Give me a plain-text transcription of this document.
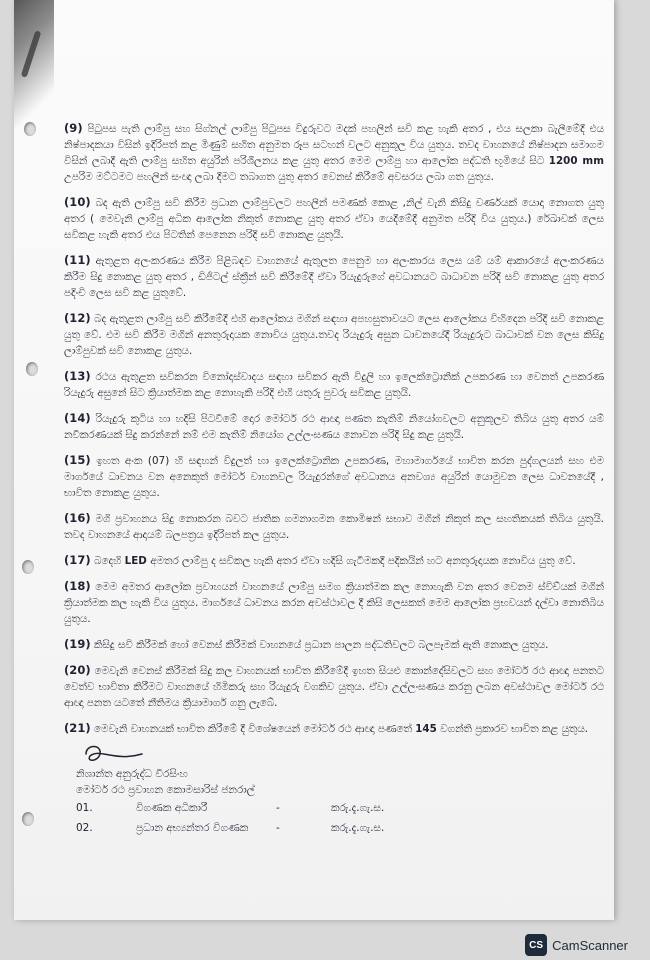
(9) පිටුපස පැති ලාම්පු සහ සිග්නල් ලාම්පු පිටුපස විදුරුවට මදක් පහලින් සවි කළ හැකි අතර , එය සලකා බැලීමේදී එය නිෂ්පාදකයා විසින් ඉදිරිපත් කළ මිණුම් සහිත අනුමත රූප සටහන් වලට අනුකූල විය යුතුය. තවද වාහනයේ නිෂ්පාදන සමාගම විසින් ලබාදී ඇති ලාම්පු සහිත අයුරින් පරිශීලනය කළ යුතු අතර මෙම ලාම්පු හා ආලෝක පද්ධති භූමියේ සිට 1200 mm උපරිම මට්ටමට පහලින් සංඥා ලබා දීමට තබාගත යුතු අතර වෙනස් කිරීමේ අවසරය ලබා ගත යුතුය.

(10) බද ඇති ලාම්පු සවි කිරීම ප්‍රධාන ලාම්පුවලට පහලින් පමණක් කොළ ,නිල් වැනි කිසිදු වර්ණයක් යොදා නොගත යුතු අතර ( මෙවැනි ලාම්පු අධික ආලෝක නිකුත් නොකළ යුතු අතර ඒවා යෙදීමේදී අනුමත පරිදි විය යුතුය.) රේඛාවක් ලෙස සවිකළ හැකි අතර එය පිටතින් පෙනෙන පරිදි සවි නොකළ යුතුයි.

(11) ඇතුළත අලංකරණය කිරීම පිළිබඳව වාහනයේ ඇතුලත පෙනුම හා අලංකාරය ලෙස යම් යම් ආකාරයේ අලංකරණය කිරීම සිදු නොකළ යුතු අතර , ඩිජිටල් ස්ක්‍රීන් සවි කිරීමේදී ඒවා රියැදුරුගේ අවධානයට බාධාවන පරිදි සවි නොකළ යුතු අතර පදිංචි ලෙස සවි කළ යුතුවේ.

(12) බද ඇතුළත ලාම්පු සවි කිරීමේදී එහි ආලෝකය මගින් සඳහා අපහසුතාවයට ලෙස ආලෝකය විහිදෙන පරිදි සවි නොකළ යුතු වේ. එම සවි කිරීම මගින් අනතුරුදායක නොවිය යුතුය.තවද රියැදුරු අසුන ධාවනයේදී රියැදුරුට බාධාවක් වන ලෙස කිසිදු ලාම්පුවක් සවි නොකළ යුතුය.

(13) රථය ඇතුළත සවිකරන විනෝදාස්වාදය සඳහා සවිකර ඇති විදුලි හා ඉලෙක්ට්‍රොනික් උපකරණ හා වෙනත් උපකරණ රියැදුරු අසුනේ සිට ක්‍රියාත්මක කළ නොහැකි පරිදි එහි යතුරු පුවරු සවිකළ යුතුයි.

(14) රියැදුරු කුටිය හා හදිසි පිටවීමේ දොර මෝටර් රථ ආඥා පණත කැතිම් නියෝගවලට අනුකූලව තිබිය යුතු අතර යම් නවීකරණයක් සිදු කරන්නේ නම් එම කැතිම් නියෝග උල්ලංඝණය නොවන පරිදි සිදු කළ යුතුයි.

(15) ඉහත අංක (07) හි සඳහන් විදුලත් හා ඉලෙක්ට්‍රොනික උපකරණ, මහාමාර්ගයේ භාවිත කරන පුද්ගලයන් සහ එම මාර්ගයේ ධාවනය වන අනෙකුත් මෝටර් වාහනවල රියැදුරන්ගේ අවධානය අනවශ්‍ය අයුරින් යොමුවන ලෙස ධාවනයේදී , භාවිත නොකළ යුතුය.

(16) මගි ප්‍රවාහනය සිදු නොකරන බවට ජාතික ගමනාගමන කොමිෂන් සභාව මගින් නිකුත් කල සහතිකයක් තිබිය යුතුයි. තවද වාහනයේ ආදායම් බලපත්‍රය ඉදිරිපත් කල යුතුය.

(17) බදෙහි LED අමතර ලාම්පු ද සවිකල හැකි අතර ඒවා හදිසි ගැටීමකදී පදිකයින් හට අනතුරුදායක නොවිය යුතු වේ.

(18) මෙම අමතර ආලෝක ප්‍රවාහයන් වාහනයේ ලාම්පු සමග ක්‍රියාත්මක කල නොහැකි වන අතර වෙනම ස්විච්යක් මගින් ක්‍රියාත්මක කල හැකි විය යුතුය. මාර්ගයේ ධාවනය කරන අවස්ථාවල දී කිසි ලෙසකත් මෙම ආලෝක ප්‍රභවයන් දල්වා නොතිබිය යුතුය.

(19) කිසිදු සවි කිරීමක් හෝ වෙනස් කිරීමක් වාහනයේ ප්‍රධාන පාලන පද්ධතිවලට බලපෑමක් ඇති නොකල යුතුය.

(20) මෙවැනි වෙනස් කිරීමක් සිදු කල වාහනයක් භාවිත කිරීමේදී ඉහත සියළු කොන්දේසිවලට සහ මෝටර් රථ ආඥා පනතට වෙත්ව භාවිතා කිරීමට වාහනයේ හිමිකරු සහ රියැදුරු වගකිව යුතුය. ඒවා උල්ලංඝණය කරනු ලබන අවස්ථාවල මෝටර් රථ ආඥා පනත යටතේ නීතිමය ක්‍රියාමාර්ග ගනු ලැබේ.

(21) මෙවැනි වාහනයක් භාවිත කිරීමේ දී විශේෂයෙන් මෝටර් රථ ආඥා පණතේ 145 වගන්ති ප්‍රකාරව භාවිත කළ යුතුය.

නිශාන්ත අනුරුද්ධ වීරසිංහ
මෝටර් රථ ප්‍රවාහන කොමසාරිස් ජනරාල්
01.	විගණක අධිකාරී	-	කරු.දැ.ගැ.ස.
02.	ප්‍රධාන අභ්‍යන්තර විගණක	-	කරු.දැ.ගැ.ස.
CS CamScanner
